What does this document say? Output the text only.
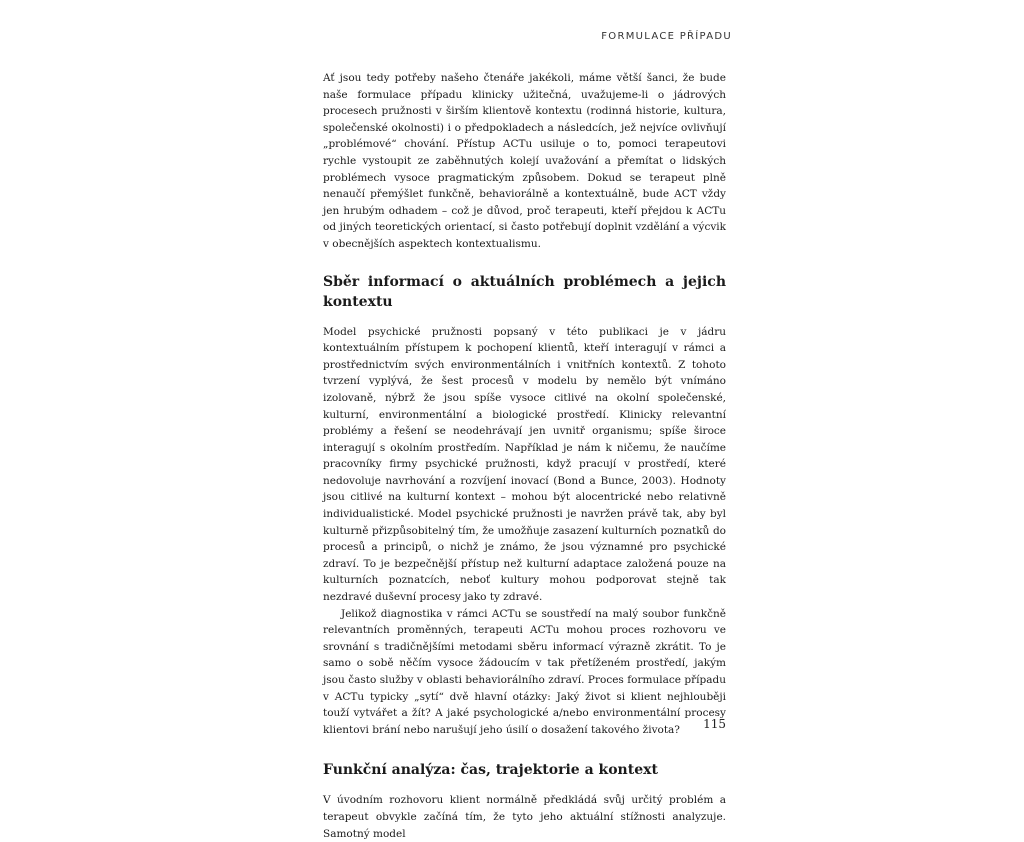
FORMULACE PŘÍPADU

Ať jsou tedy potřeby našeho čtenáře jakékoli, máme větší šanci, že bude naše formulace případu klinicky užitečná, uvažujeme-li o jádrových procesech pružnosti v širším klientově kontextu (rodinná historie, kultura, společenské okolnosti) i o předpokladech a následcích, jež nejvíce ovlivňují „problémové“ chování. Přístup ACTu usiluje o to, pomoci terapeutovi rychle vystoupit ze zaběhnutých kolejí uvažování a přemítat o lidských problémech vysoce pragmatickým způsobem. Dokud se terapeut plně nenaučí přemýšlet funkčně, behaviorálně a kontextuálně, bude ACT vždy jen hrubým odhadem – což je důvod, proč terapeuti, kteří přejdou k ACTu od jiných teoretických orientací, si často potřebují doplnit vzdělání a výcvik v obecnějších aspektech kontextualismu.

Sběr informací o aktuálních problémech a jejich kontextu

Model psychické pružnosti popsaný v této publikaci je v jádru kontextuálním přístupem k pochopení klientů, kteří interagují v rámci a prostřednictvím svých environmentálních i vnitřních kontextů. Z tohoto tvrzení vyplývá, že šest procesů v modelu by nemělo být vnímáno izolovaně, nýbrž že jsou spíše vysoce citlivé na okolní společenské, kulturní, environmentální a biologické prostředí. Klinicky relevantní problémy a řešení se neodehrávají jen uvnitř organismu; spíše široce interagují s okolním prostředím. Například je nám k ničemu, že naučíme pracovníky firmy psychické pružnosti, když pracují v prostředí, které nedovoluje navrhování a rozvíjení inovací (Bond a Bunce, 2003). Hodnoty jsou citlivé na kulturní kontext – mohou být alocentrické nebo relativně individualistické. Model psychické pružnosti je navržen právě tak, aby byl kulturně přizpůsobitelný tím, že umožňuje zasazení kulturních poznatků do procesů a principů, o nichž je známo, že jsou významné pro psychické zdraví. To je bezpečnější přístup než kulturní adaptace založená pouze na kulturních poznatcích, neboť kultury mohou podporovat stejně tak nezdravé duševní procesy jako ty zdravé.

Jelikož diagnostika v rámci ACTu se soustředí na malý soubor funkčně relevantních proměnných, terapeuti ACTu mohou proces rozhovoru ve srovnání s tradičnějšími metodami sběru informací výrazně zkrátit. To je samo o sobě něčím vysoce žádoucím v tak přetíženém prostředí, jakým jsou často služby v oblasti behaviorálního zdraví. Proces formulace případu v ACTu typicky „sytí“ dvě hlavní otázky: Jaký život si klient nejhlouběji touží vytvářet a žít? A jaké psychologické a/nebo environmentální procesy klientovi brání nebo narušují jeho úsilí o dosažení takového života?

Funkční analýza: čas, trajektorie a kontext

V úvodním rozhovoru klient normálně předkládá svůj určitý problém a terapeut obvykle začíná tím, že tyto jeho aktuální stížnosti analyzuje. Samotný model

115
